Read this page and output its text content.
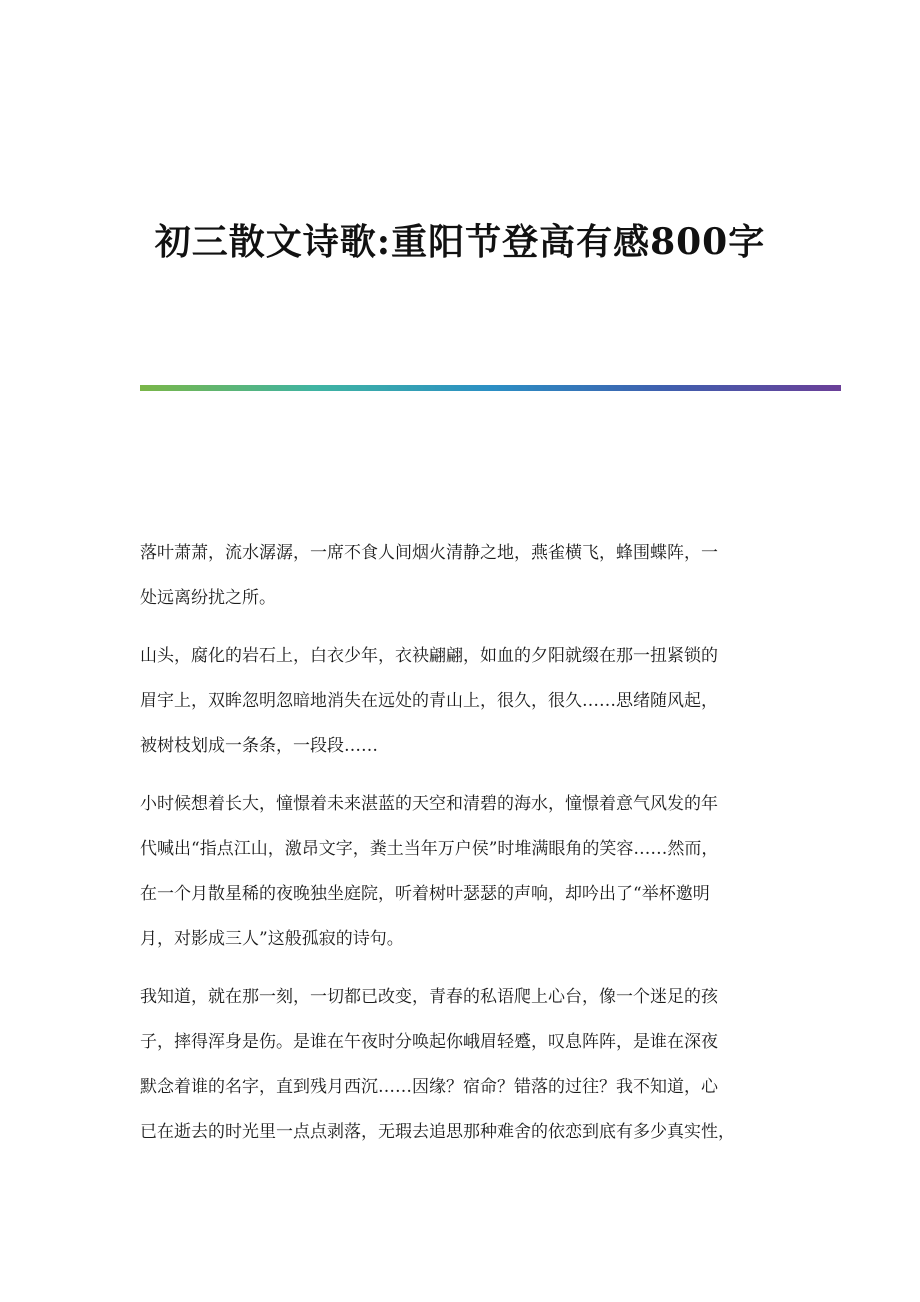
初三散文诗歌:重阳节登高有感800字

落叶萧萧，流水潺潺，一席不食人间烟火清静之地，燕雀横飞，蜂围蝶阵，一
处远离纷扰之所。

山头，腐化的岩石上，白衣少年，衣袂翩翩，如血的夕阳就缀在那一扭紧锁的
眉宇上，双眸忽明忽暗地消失在远处的青山上，很久，很久……思绪随风起，
被树枝划成一条条，一段段……

小时候想着长大，憧憬着未来湛蓝的天空和清碧的海水，憧憬着意气风发的年
代喊出“指点江山，激昂文字，粪土当年万户侯”时堆满眼角的笑容……然而，
在一个月散星稀的夜晚独坐庭院，听着树叶瑟瑟的声响，却吟出了“举杯邀明
月，对影成三人”这般孤寂的诗句。

我知道，就在那一刻，一切都已改变，青春的私语爬上心台，像一个迷足的孩
子，摔得浑身是伤。是谁在午夜时分唤起你峨眉轻蹙，叹息阵阵，是谁在深夜
默念着谁的名字，直到残月西沉……因缘？宿命？错落的过往？我不知道，心
已在逝去的时光里一点点剥落，无瑕去追思那种难舍的依恋到底有多少真实性，
